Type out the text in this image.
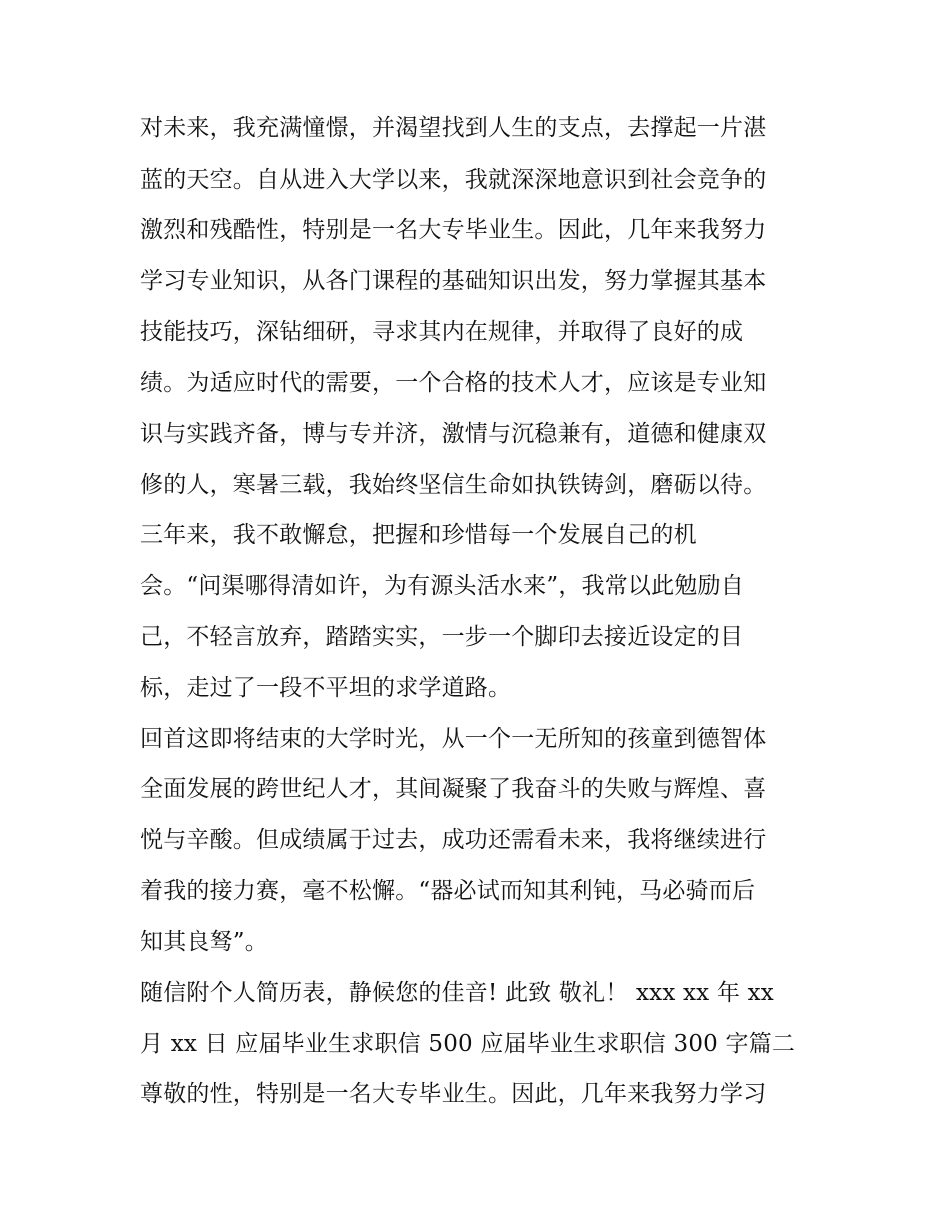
对未来，我充满憧憬，并渴望找到人生的支点，去撑起一片湛
蓝的天空。自从进入大学以来，我就深深地意识到社会竞争的
激烈和残酷性，特别是一名大专毕业生。因此，几年来我努力
学习专业知识，从各门课程的基础知识出发，努力掌握其基本
技能技巧，深钻细研，寻求其内在规律，并取得了良好的成
绩。为适应时代的需要，一个合格的技术人才，应该是专业知
识与实践齐备，博与专并济，激情与沉稳兼有，道德和健康双
修的人，寒暑三载，我始终坚信生命如执铁铸剑，磨砺以待。
三年来，我不敢懈怠，把握和珍惜每一个发展自己的机
会。“问渠哪得清如许，为有源头活水来”，我常以此勉励自
己，不轻言放弃，踏踏实实，一步一个脚印去接近设定的目
标，走过了一段不平坦的求学道路。
回首这即将结束的大学时光，从一个一无所知的孩童到德智体
全面发展的跨世纪人才，其间凝聚了我奋斗的失败与辉煌、喜
悦与辛酸。但成绩属于过去，成功还需看未来，我将继续进行
着我的接力赛，毫不松懈。“器必试而知其利钝，马必骑而后
知其良驽”。
随信附个人简历表，静候您的佳音! 此致 敬礼！ xxx xx 年 xx
月 xx 日 应届毕业生求职信 500 应届毕业生求职信 300 字篇二
尊敬的性，特别是一名大专毕业生。因此，几年来我努力学习
